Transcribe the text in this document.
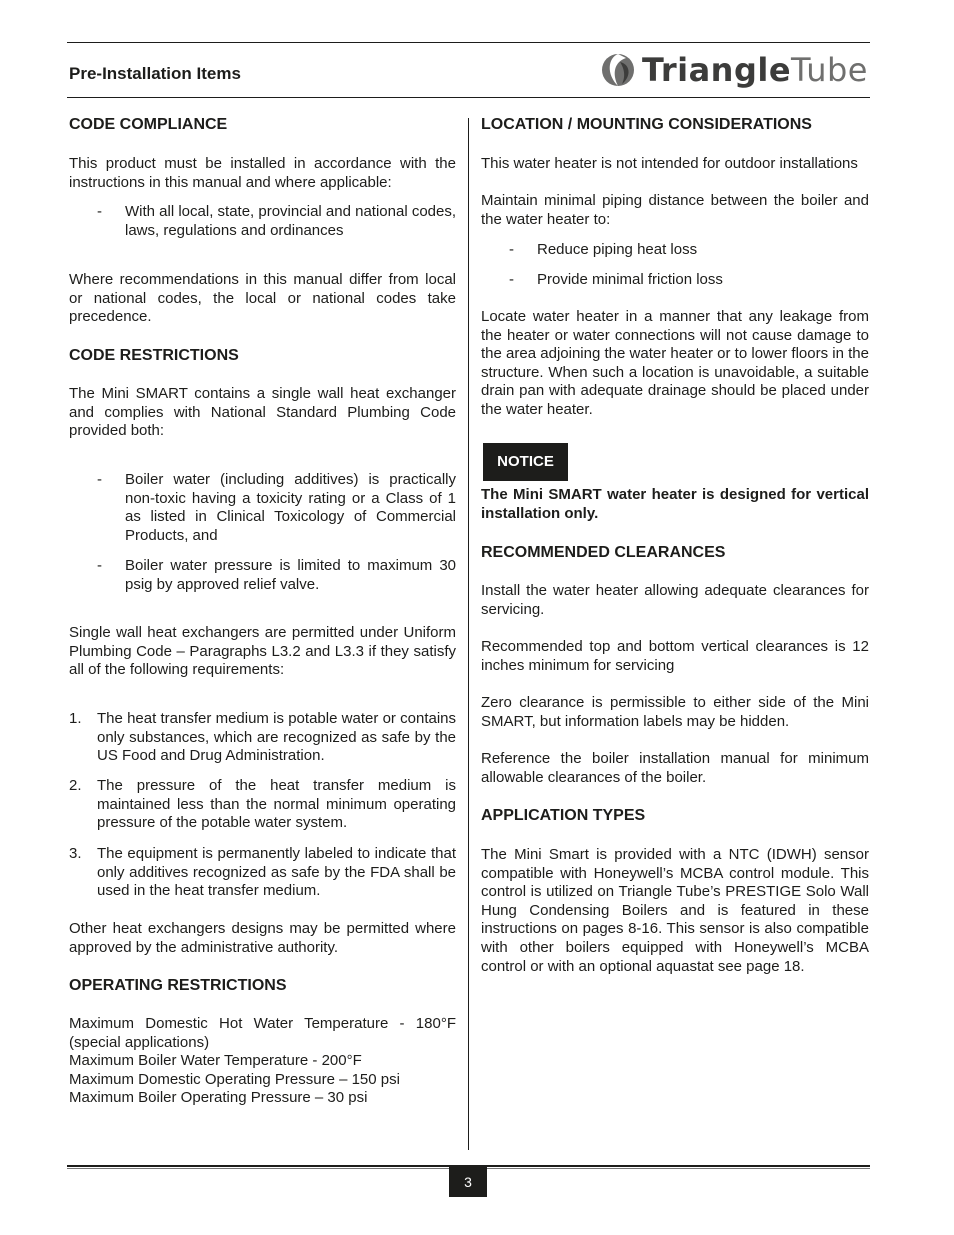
Pre-Installation Items	TriangleTube
CODE COMPLIANCE

This product must be installed in accordance with the instructions in this manual and where applicable:

- With all local, state, provincial and national codes, laws, regulations and ordinances

Where recommendations in this manual differ from local or national codes, the local or national codes take precedence.

CODE RESTRICTIONS

The Mini SMART contains a single wall heat exchanger and complies with National Standard Plumbing Code provided both:

- Boiler water (including additives) is practically non-toxic having a toxicity rating or a Class of 1 as listed in Clinical Toxicology of Commercial Products, and
- Boiler water pressure is limited to maximum 30 psig by approved relief valve.

Single wall heat exchangers are permitted under Uniform Plumbing Code – Paragraphs L3.2 and L3.3 if they satisfy all of the following requirements:

1. The heat transfer medium is potable water or contains only substances, which are recognized as safe by the US Food and Drug Administration.
2. The pressure of the heat transfer medium is maintained less than the normal minimum operating pressure of the potable water system.
3. The equipment is permanently labeled to indicate that only additives recognized as safe by the FDA shall be used in the heat transfer medium.

Other heat exchangers designs may be permitted where approved by the administrative authority.

OPERATING RESTRICTIONS
Maximum Domestic Hot Water Temperature - 180°F (special applications)
Maximum Boiler Water Temperature - 200°F
Maximum Domestic Operating Pressure – 150 psi
Maximum Boiler Operating Pressure – 30 psi
LOCATION / MOUNTING CONSIDERATIONS

This water heater is not intended for outdoor installations

Maintain minimal piping distance between the boiler and the water heater to:

- Reduce piping heat loss
- Provide minimal friction loss

Locate water heater in a manner that any leakage from the heater or water connections will not cause damage to the area adjoining the water heater or to lower floors in the structure. When such a location is unavoidable, a suitable drain pan with adequate drainage should be placed under the water heater.

NOTICE

The Mini SMART water heater is designed for vertical installation only.

RECOMMENDED CLEARANCES

Install the water heater allowing adequate clearances for servicing.

Recommended top and bottom vertical clearances is 12 inches minimum for servicing

Zero clearance is permissible to either side of the Mini SMART, but information labels may be hidden.

Reference the boiler installation manual for minimum allowable clearances of the boiler.

APPLICATION TYPES

The Mini Smart is provided with a NTC (IDWH) sensor compatible with Honeywell’s MCBA control module. This control is utilized on Triangle Tube’s PRESTIGE Solo Wall Hung Condensing Boilers and is featured in these instructions on pages 8-16. This sensor is also compatible with other boilers equipped with Honeywell’s MCBA control or with an optional aquastat see page 18.

3
